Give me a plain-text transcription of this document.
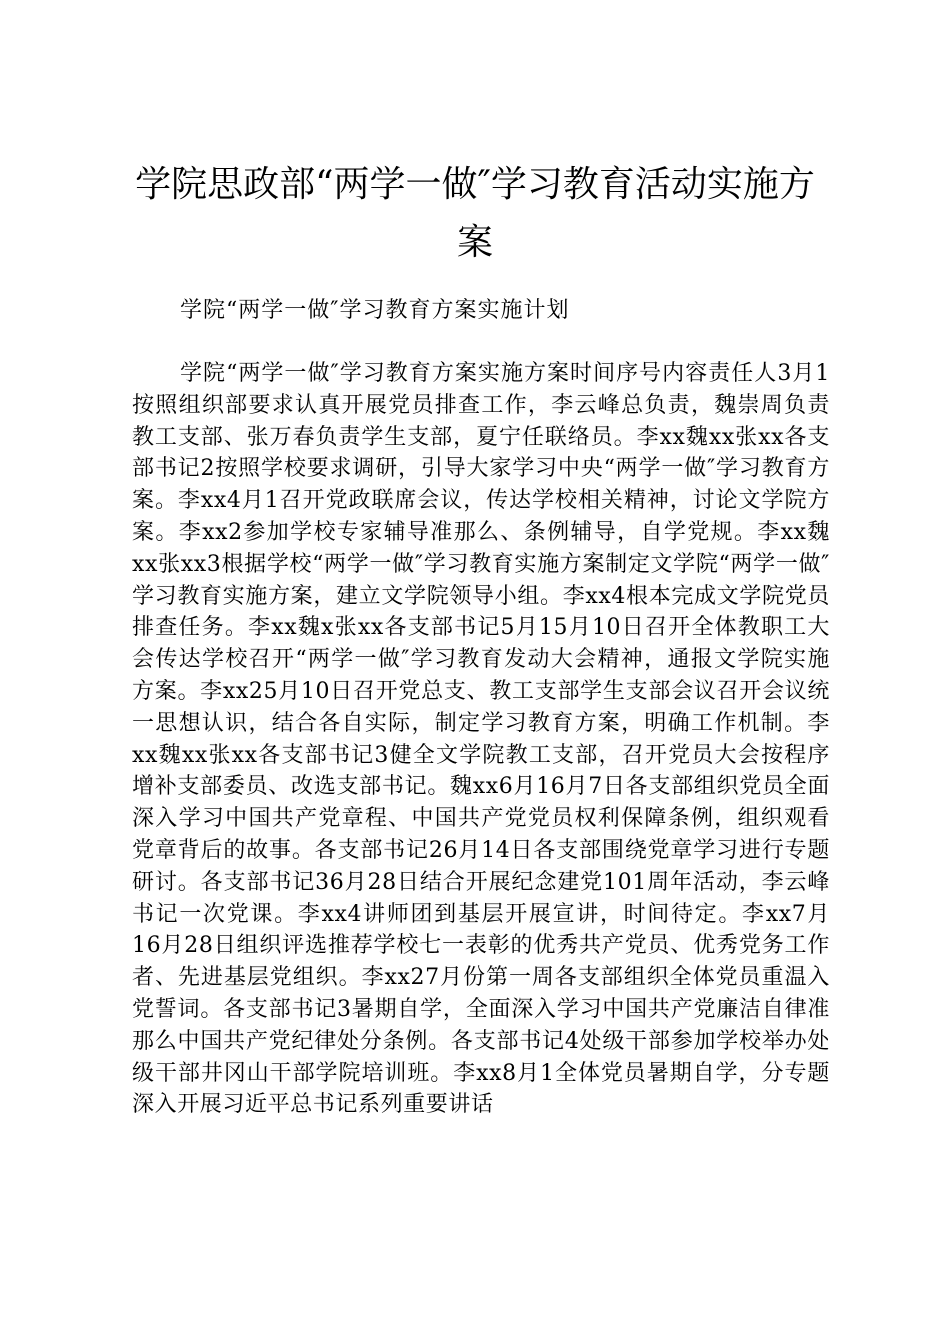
学院思政部“两学一做″学习教育活动实施方案

学院“两学一做″学习教育方案实施计划

学院“两学一做″学习教育方案实施方案时间序号内容责任人3月1按照组织部要求认真开展党员排查工作，李云峰总负责，魏崇周负责教工支部、张万春负责学生支部，夏宁任联络员。李xx魏xx张xx各支部书记2按照学校要求调研，引导大家学习中央“两学一做″学习教育方案。李xx4月1召开党政联席会议，传达学校相关精神，讨论文学院方案。李xx2参加学校专家辅导准那么、条例辅导，自学党规。李xx魏xx张xx3根据学校“两学一做″学习教育实施方案制定文学院“两学一做″学习教育实施方案，建立文学院领导小组。李xx4根本完成文学院党员排查任务。李xx魏x张xx各支部书记5月15月10日召开全体教职工大会传达学校召开“两学一做″学习教育发动大会精神，通报文学院实施方案。李xx25月10日召开党总支、教工支部学生支部会议召开会议统一思想认识，结合各自实际，制定学习教育方案，明确工作机制。李xx魏xx张xx各支部书记3健全文学院教工支部，召开党员大会按程序增补支部委员、改选支部书记。魏xx6月16月7日各支部组织党员全面深入学习中国共产党章程、中国共产党党员权利保障条例，组织观看党章背后的故事。各支部书记26月14日各支部围绕党章学习进行专题研讨。各支部书记36月28日结合开展纪念建党101周年活动，李云峰书记一次党课。李xx4讲师团到基层开展宣讲，时间待定。李xx7月16月28日组织评选推荐学校七一表彰的优秀共产党员、优秀党务工作者、先进基层党组织。李xx27月份第一周各支部组织全体党员重温入党誓词。各支部书记3暑期自学，全面深入学习中国共产党廉洁自律准那么中国共产党纪律处分条例。各支部书记4处级干部参加学校举办处级干部井冈山干部学院培训班。李xx8月1全体党员暑期自学，分专题深入开展习近平总书记系列重要讲话
